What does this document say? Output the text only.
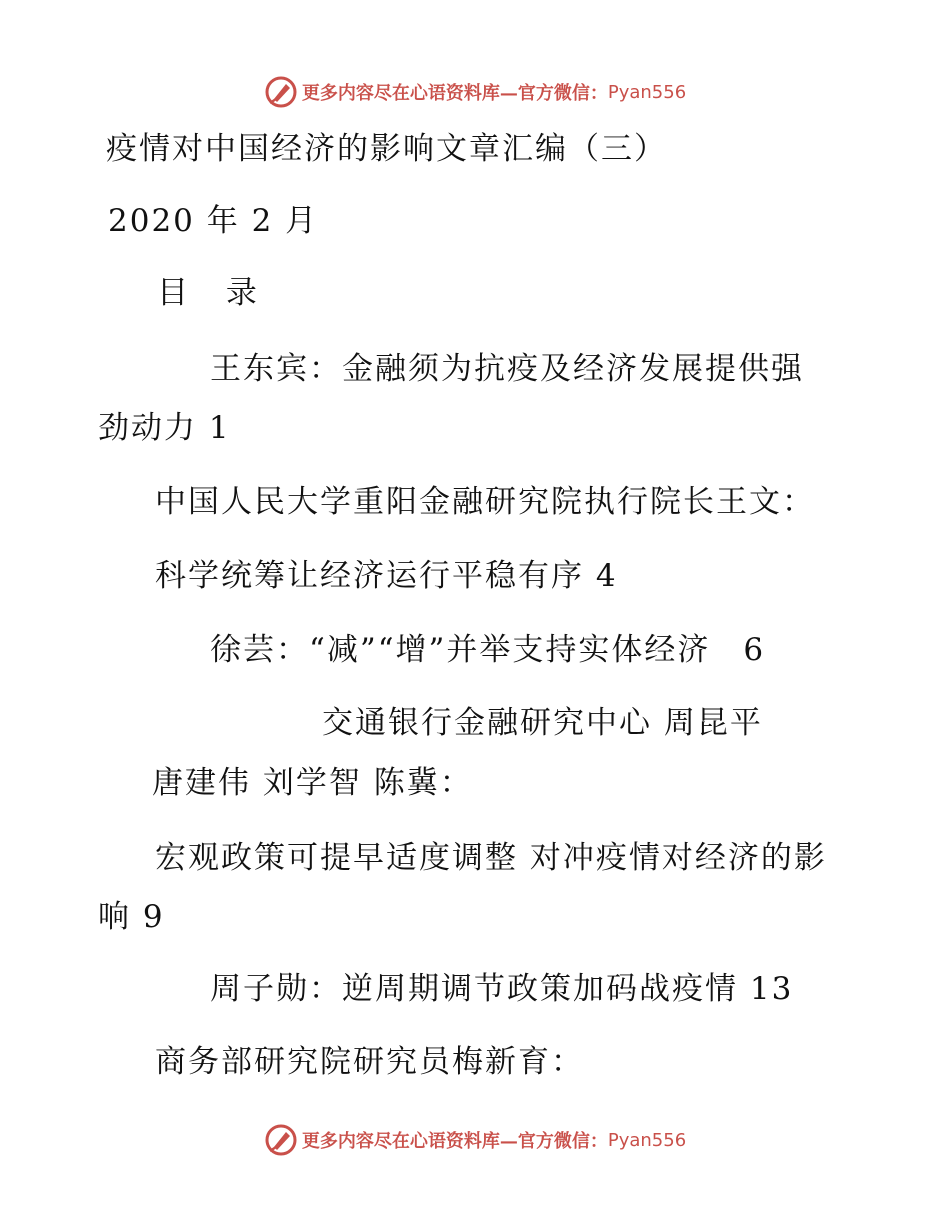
更多内容尽在心语资料库—官方微信： Pyan556
疫情对中国经济的影响文章汇编（三）
2020 年 2 月
目 录
王东宾：金融须为抗疫及经济发展提供强
劲动力 1
中国人民大学重阳金融研究院执行院长王文：
科学统筹让经济运行平稳有序 4
徐芸：“减”“增”并举支持实体经济　6
交通银行金融研究中心 周昆平
唐建伟 刘学智 陈冀：
宏观政策可提早适度调整 对冲疫情对经济的影
响 9
周子勋：逆周期调节政策加码战疫情 13
商务部研究院研究员梅新育：
更多内容尽在心语资料库—官方微信： Pyan556
